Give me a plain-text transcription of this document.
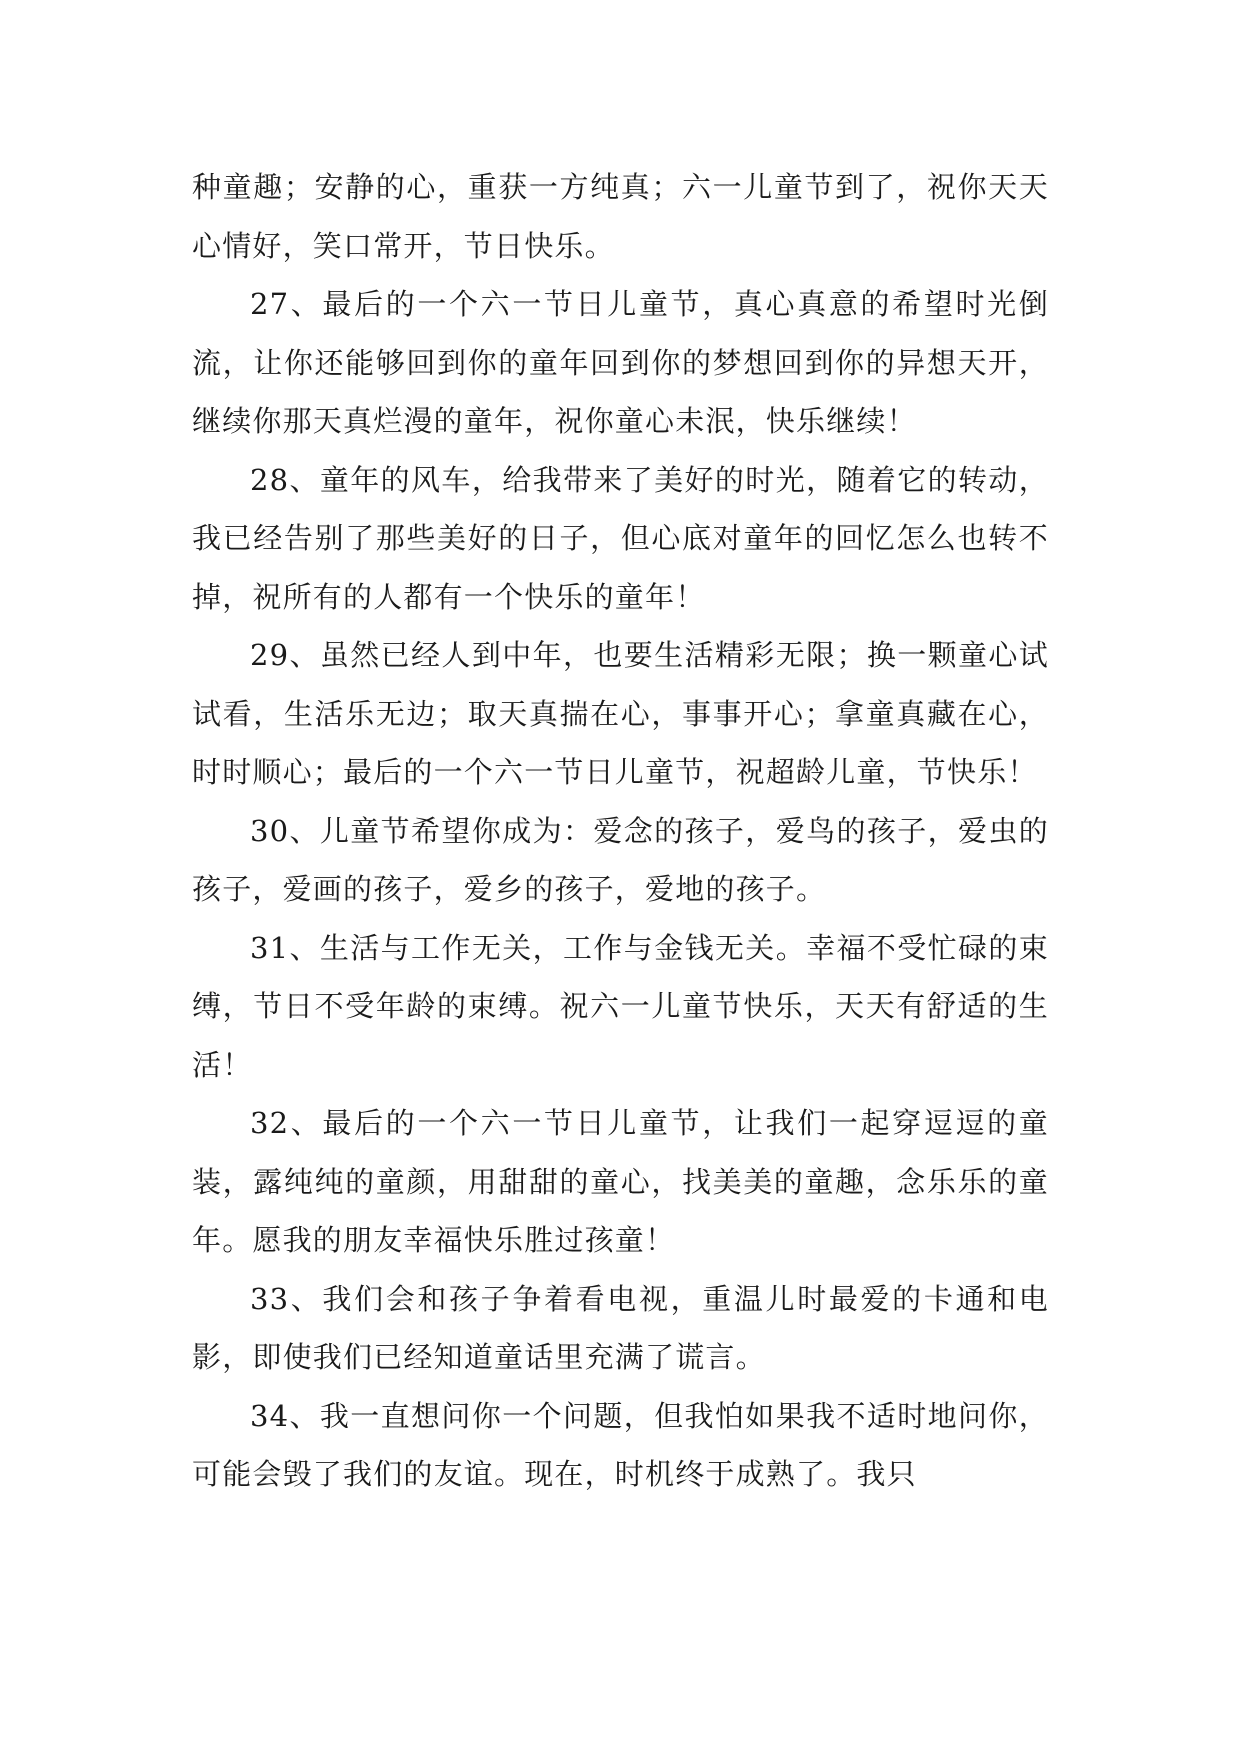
种童趣；安静的心，重获一方纯真；六一儿童节到了，祝你天天心情好，笑口常开，节日快乐。

27、最后的一个六一节日儿童节，真心真意的希望时光倒流，让你还能够回到你的童年回到你的梦想回到你的异想天开，继续你那天真烂漫的童年，祝你童心未泯，快乐继续！

28、童年的风车，给我带来了美好的时光，随着它的转动，我已经告别了那些美好的日子，但心底对童年的回忆怎么也转不掉，祝所有的人都有一个快乐的童年！

29、虽然已经人到中年，也要生活精彩无限；换一颗童心试试看，生活乐无边；取天真揣在心，事事开心；拿童真藏在心，时时顺心；最后的一个六一节日儿童节，祝超龄儿童，节快乐！

30、儿童节希望你成为：爱念的孩子，爱鸟的孩子，爱虫的孩子，爱画的孩子，爱乡的孩子，爱地的孩子。

31、生活与工作无关，工作与金钱无关。幸福不受忙碌的束缚，节日不受年龄的束缚。祝六一儿童节快乐，天天有舒适的生活！

32、最后的一个六一节日儿童节，让我们一起穿逗逗的童装，露纯纯的童颜，用甜甜的童心，找美美的童趣，念乐乐的童年。愿我的朋友幸福快乐胜过孩童！

33、我们会和孩子争着看电视，重温儿时最爱的卡通和电影，即使我们已经知道童话里充满了谎言。

34、我一直想问你一个问题，但我怕如果我不适时地问你，可能会毁了我们的友谊。现在，时机终于成熟了。我只
